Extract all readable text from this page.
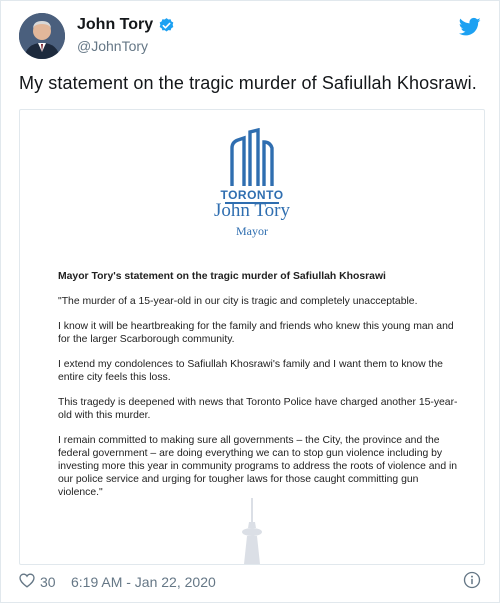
John Tory
@JohnTory
My statement on the tragic murder of Safiullah Khosrawi.
TORONTO
John Tory
Mayor
Mayor Tory's statement on the tragic murder of Safiullah Khosrawi

"The murder of a 15-year-old in our city is tragic and completely unacceptable.

I know it will be heartbreaking for the family and friends who knew this young man and for the larger Scarborough community.

I extend my condolences to Safiullah Khosrawi's family and I want them to know the entire city feels this loss.

This tragedy is deepened with news that Toronto Police have charged another 15-year-old with this murder.

I remain committed to making sure all governments – the City, the province and the federal government – are doing everything we can to stop gun violence including by investing more this year in community programs to address the roots of violence and in our police service and urging for tougher laws for those caught committing gun violence."

30 6:19 AM - Jan 22, 2020
